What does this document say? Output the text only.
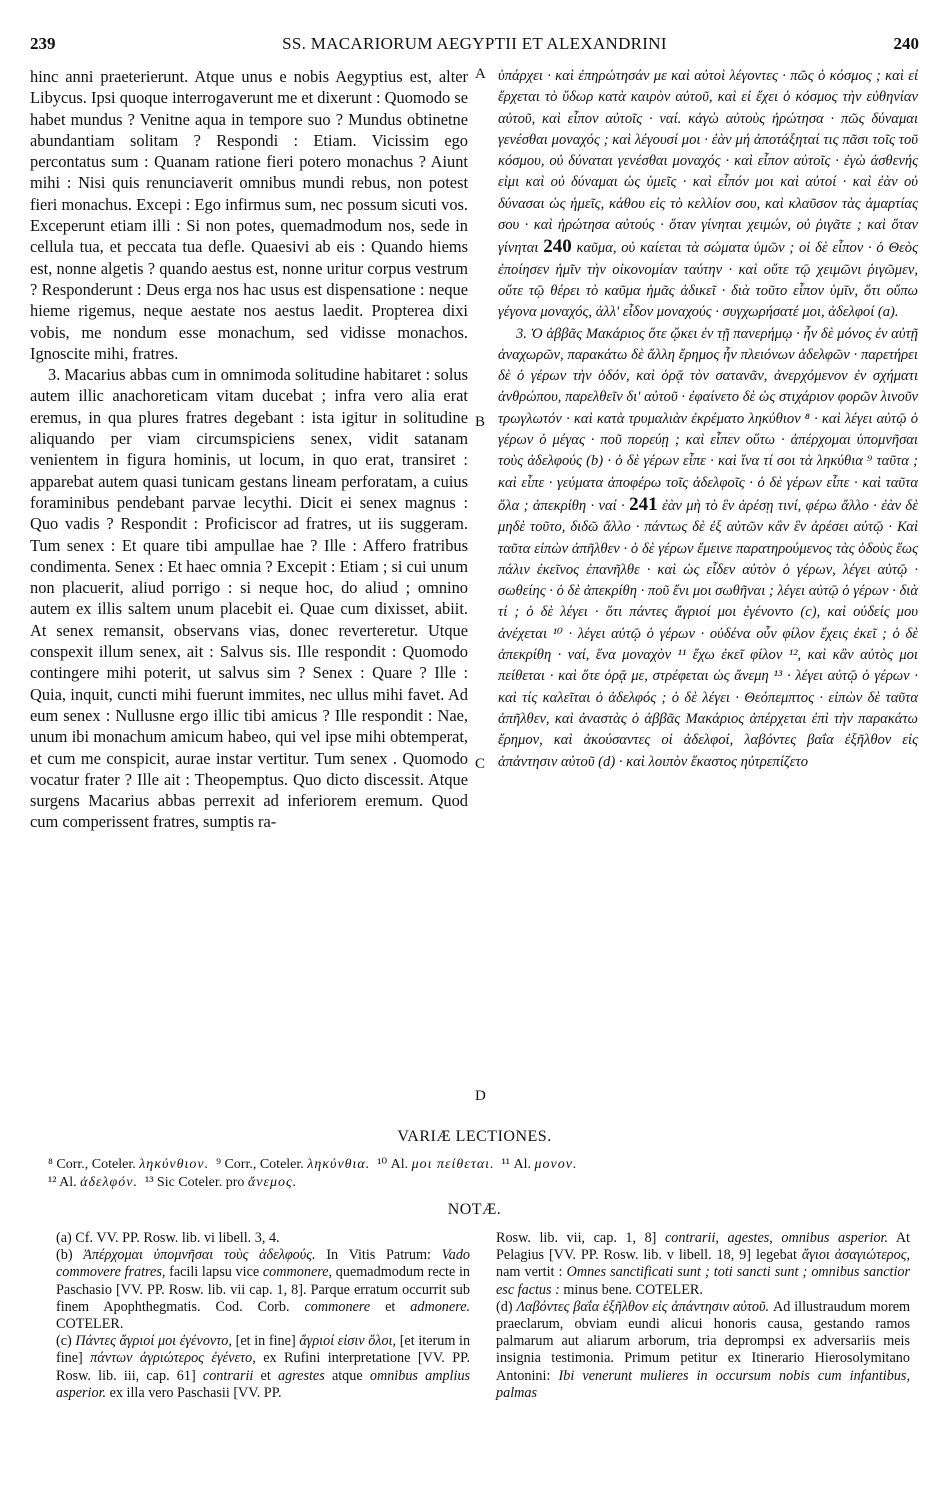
239	SS. MACARIORUM AEGYPTII ET ALEXANDRINI	240
A
B
C
D

hinc anni praeterierunt. Atque unus e nobis Aegyptius est, alter Libycus. Ipsi quoque interrogaverunt me et dixerunt : Quomodo se habet mundus ? Venitne aqua in tempore suo ? Mundus obtinetne abundantiam solitam ? Respondi : Etiam. Vicissim ego percontatus sum : Quanam ratione fieri potero monachus ? Aiunt mihi : Nisi quis renunciaverit omnibus mundi rebus, non potest fieri monachus. Excepi : Ego infirmus sum, nec possum sicuti vos. Exceperunt etiam illi : Si non potes, quemadmodum nos, sede in cellula tua, et peccata tua defle. Quaesivi ab eis : Quando hiems est, nonne algetis ? quando aestus est, nonne uritur corpus vestrum ? Responderunt : Deus erga nos hac usus est dispensatione : neque hieme rigemus, neque aestate nos aestus laedit. Propterea dixi vobis, me nondum esse monachum, sed vidisse monachos. Ignoscite mihi, fratres.

3. Macarius abbas cum in omnimoda solitudine habitaret : solus autem illic anachoreticam vitam ducebat ; infra vero alia erat eremus, in qua plures fratres degebant : ista igitur in solitudine aliquando per viam circumspiciens senex, vidit satanam venientem in figura hominis, ut locum, in quo erat, transiret : apparebat autem quasi tunicam gestans lineam perforatam, a cuius foraminibus pendebant parvae lecythi. Dicit ei senex magnus : Quo vadis ? Respondit : Proficiscor ad fratres, ut iis suggeram. Tum senex : Et quare tibi ampullae hae ? Ille : Affero fratribus condimenta. Senex : Et haec omnia ? Excepit : Etiam ; si cui unum non placuerit, aliud porrigo : si neque hoc, do aliud ; omnino autem ex illis saltem unum placebit ei. Quae cum dixisset, abiit. At senex remansit, observans vias, donec reverteretur. Utque conspexit illum senex, ait : Salvus sis. Ille respondit : Quomodo contingere mihi poterit, ut salvus sim ? Senex : Quare ? Ille : Quia, inquit, cuncti mihi fuerunt immites, nec ullus mihi favet. Ad eum senex : Nullusne ergo illic tibi amicus ? Ille respondit : Nae, unum ibi monachum amicum habeo, qui vel ipse mihi obtemperat, et cum me conspicit, aurae instar vertitur. Tum senex . Quomodo vocatur frater ? Ille ait : Theopemptus. Quo dicto discessit. Atque surgens Macarius abbas perrexit ad inferiorem eremum. Quod cum comperissent fratres, sumptis ra-

ὑπάρχει · καὶ ἐπηρώτησάν με καὶ αὐτοὶ λέγοντες · πῶς ὁ κόσμος ; καὶ εἰ ἔρχεται τὸ ὕδωρ κατὰ καιρὸν αὐτοῦ, καὶ εἰ ἔχει ὁ κόσμος τὴν εὐθηνίαν αὐτοῦ, καὶ εἶπον αὐτοῖς · ναί. κἀγὼ αὐτοὺς ἠρώτησα · πῶς δύναμαι γενέσθαι μοναχός ; καὶ λέγουσί μοι · ἐὰν μή ἀποτάξηταί τις πᾶσι τοῖς τοῦ κόσμου, οὐ δύναται γενέσθαι μοναχός · καὶ εἶπον αὐτοῖς · ἐγὼ ἀσθενής εἰμι καὶ οὐ δύναμαι ὡς ὑμεῖς · καὶ εἶπόν μοι καὶ αὐτοί · καὶ ἐὰν οὐ δύνασαι ὡς ἡμεῖς, κάθου εἰς τὸ κελλίον σου, καὶ κλαῦσον τὰς ἁμαρτίας σου · καὶ ἠρώτησα αὐτούς · ὅταν γίνηται χειμών, οὐ ῥιγᾶτε ; καὶ ὅταν γίνηται 240 καῦμα, οὐ καίεται τὰ σώματα ὑμῶν ; οἱ δὲ εἶπον · ὁ Θεὸς ἐποίησεν ἡμῖν τὴν οἰκονομίαν ταύτην · καὶ οὔτε τῷ χειμῶνι ῥιγῶμεν, οὔτε τῷ θέρει τὸ καῦμα ἡμᾶς ἀδικεῖ · διὰ τοῦτο εἶπον ὑμῖν, ὅτι οὔπω γέγονα μοναχός, ἀλλ' εἶδον μοναχούς · συγχωρήσατέ μοι, ἀδελφοί (a).

3. Ὁ ἀββᾶς Μακάριος ὅτε ᾤκει ἐν τῇ πανερήμῳ · ἦν δὲ μόνος ἐν αὐτῇ ἀναχωρῶν, παρακάτω δὲ ἄλλη ἔρημος ἦν πλειόνων ἀδελφῶν · παρετήρει δὲ ὁ γέρων τὴν ὁδόν, καὶ ὁρᾷ τὸν σατανᾶν, ἀνερχόμενον ἐν σχήματι ἀνθρώπου, παρελθεῖν δι' αὐτοῦ · ἐφαίνετο δὲ ὡς στιχάριον φορῶν λινοῦν τρωγλωτόν · καὶ κατὰ τρυμαλιὰν ἐκρέματο ληκύθιον ⁸ · καὶ λέγει αὐτῷ ὁ γέρων ὁ μέγας · ποῦ πορεύῃ ; καὶ εἶπεν οὕτω · ἀπέρχομαι ὑπομνῆσαι τοὺς ἀδελφούς (b) · ὁ δὲ γέρων εἶπε · καὶ ἵνα τί σοι τὰ ληκύθια ⁹ ταῦτα ; καὶ εἶπε · γεύματα ἀποφέρω τοῖς ἀδελφοῖς · ὁ δὲ γέρων εἶπε · καὶ ταῦτα ὅλα ; ἀπεκρίθη · ναί · 241 ἐὰν μὴ τὸ ἓν ἀρέσῃ τινί, φέρω ἄλλο · ἐὰν δὲ μηδὲ τοῦτο, διδῶ ἄλλο · πάντως δὲ ἐξ αὐτῶν κἂν ἓν ἀρέσει αὐτῷ · Καὶ ταῦτα εἰπὼν ἀπῆλθεν · ὁ δὲ γέρων ἔμεινε παρατηρούμενος τὰς ὁδοὺς ἕως πάλιν ἐκεῖνος ἐπανῆλθε · καὶ ὡς εἶδεν αὐτὸν ὁ γέρων, λέγει αὐτῷ · σωθείης · ὁ δὲ ἀπεκρίθη · ποῦ ἔνι μοι σωθῆναι ; λέγει αὐτῷ ὁ γέρων · διὰ τί ; ὁ δὲ λέγει · ὅτι πάντες ἄγριοί μοι ἐγένοντο (c), καὶ οὐδείς μου ἀνέχεται ¹⁰ · λέγει αὐτῷ ὁ γέρων · οὐδένα οὖν φίλον ἔχεις ἐκεῖ ; ὁ δὲ ἀπεκρίθη · ναί, ἕνα μοναχὸν ¹¹ ἔχω ἐκεῖ φίλον ¹², καὶ κἂν αὐτὸς μοι πείθεται · καὶ ὅτε ὁρᾷ με, στρέφεται ὡς ἄνεμη ¹³ · λέγει αὐτῷ ὁ γέρων · καὶ τίς καλεῖται ὁ ἀδελφός ; ὁ δὲ λέγει · Θεόπεμπτος · εἰπὼν δὲ ταῦτα ἀπῆλθεν, καὶ ἀναστὰς ὁ ἀββᾶς Μακάριος ἀπέρχεται ἐπὶ τὴν παρακάτω ἔρημον, καὶ ἀκούσαντες οἱ ἀδελφοί, λαβόντες βαΐα ἐξῆλθον εἰς ἀπάντησιν αὐτοῦ (d) · καὶ λοιπὸν ἕκαστος ηὐτρεπίζετο

VARIÆ LECTIONES.
⁸ Corr., Coteler. ληκύνθιον. ⁹ Corr., Coteler. ληκύνθια. ¹⁰ Al. μοι πείθεται. ¹¹ Al. μονον.
¹² Al. ἀδελφόν. ¹³ Sic Coteler. pro ἄνεμος.
NOTÆ.

(a) Cf. VV. PP. Rosw. lib. vi libell. 3, 4.

(b) Ἀπέρχομαι ὑπομνῆσαι τοὺς ἀδελφούς. In Vitis Patrum: Vado commovere fratres, facili lapsu vice commonere, quemadmodum recte in Paschasio [VV. PP. Rosw. lib. vii cap. 1, 8]. Parque erratum occurrit sub finem Apophthegmatis. Cod. Corb. commonere et admonere. COTELER.

(c) Πάντες ἄγριοί μοι ἐγένοντο, [et in fine] ἄγριοί εἰσιν ὅλοι, [et iterum in fine] πάντων ἀγριώτερος ἐγένετο, ex Rufini interpretatione [VV. PP. Rosw. lib. iii, cap. 61] contrarii et agrestes atque omnibus amplius asperior. ex illa vero Paschasii [VV. PP.

Rosw. lib. vii, cap. 1, 8] contrarii, agestes, omnibus asperior. At Pelagius [VV. PP. Rosw. lib. v libell. 18, 9] legebat ἅγιοι ἀσαγιώτερος, nam vertit : Omnes sanctificati sunt ; toti sancti sunt ; omnibus sanctior esc factus : minus bene. COTELER.

(d) Λαβόντες βαΐα ἐξῆλθον εἰς ἀπάντησιν αὐτοῦ. Ad illustraudum morem praeclarum, obviam eundi alicui honoris causa, gestando ramos palmarum aut aliarum arborum, tria deprompsi ex adversariis meis insignia testimonia. Primum petitur ex Itinerario Hierosolymitano Antonini: Ibi venerunt mulieres in occursum nobis cum infantibus, palmas
